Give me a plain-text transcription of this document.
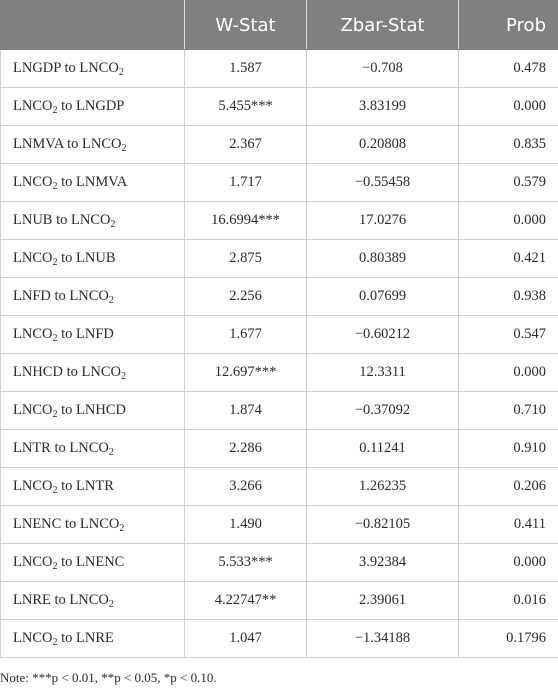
	W-Stat	Zbar-Stat	Prob
LNGDP to $LNCO_2$	1.587	−0.708	0.478
$LNCO_2$ to LNGDP	5.455***	3.83199	0.000
LNMVA to $LNCO_2$	2.367	0.20808	0.835
$LNCO_2$ to LNMVA	1.717	−0.55458	0.579
LNUB to $LNCO_2$	16.6994***	17.0276	0.000
$LNCO_2$ to LNUB	2.875	0.80389	0.421
LNFD to $LNCO_2$	2.256	0.07699	0.938
$LNCO_2$ to LNFD	1.677	−0.60212	0.547
LNHCD to $LNCO_2$	12.697***	12.3311	0.000
$LNCO_2$ to LNHCD	1.874	−0.37092	0.710
LNTR to $LNCO_2$	2.286	0.11241	0.910
$LNCO_2$ to LNTR	3.266	1.26235	0.206
LNENC to $LNCO_2$	1.490	−0.82105	0.411
$LNCO_2$ to LNENC	5.533***	3.92384	0.000
LNRE to $LNCO_2$	4.22747**	2.39061	0.016
$LNCO_2$ to LNRE	1.047	−1.34188	0.1796
Note: ***p < 0.01, **p < 0.05, *p < 0.10.
